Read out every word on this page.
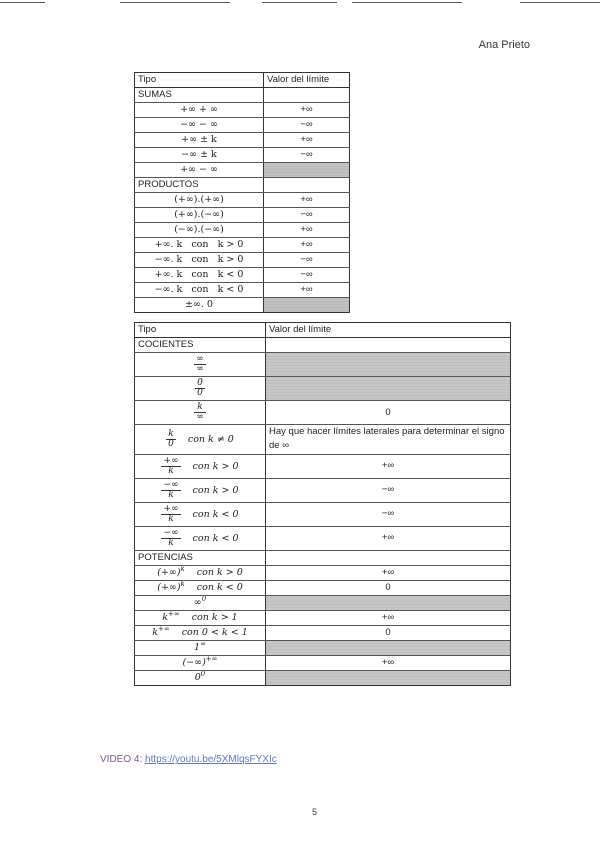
Ana Prieto
Tipo	Valor del límite
SUMAS	
+∞ + ∞	+∞
−∞ − ∞	−∞
+∞ ± k	+∞
−∞ ± k	−∞
+∞ − ∞	
PRODUCTOS	
(+∞).(+∞)	+∞
(+∞).(−∞)	−∞
(−∞).(−∞)	+∞
+∞. k   con   k > 0	+∞
−∞. k   con   k > 0	−∞
+∞. k   con   k < 0	−∞
−∞. k   con   k < 0	+∞
±∞. 0	
Tipo	Valor del límite
COCIENTES	

$\frac{\infty}{\infty}$

$\frac{0}{0}$

$\frac{k}{\infty}$	0

$\frac{k}{0}$ con k ≠ 0	Hay que hacer límites laterales para determinar el signo de ∞

$\frac{+\infty}{k}$ con k > 0	+∞

$\frac{-\infty}{k}$ con k > 0	−∞

$\frac{+\infty}{k}$ con k < 0	−∞

$\frac{-\infty}{k}$ con k < 0	+∞
POTENCIAS	
(+∞)$^k$ con k > 0	+∞
(+∞)$^k$ con k < 0	0
∞$^0$	
k+∞ con k > 1	+∞
k+∞ con 0 < k < 1	0
1∞	
(−∞)+∞	+∞
$0^0$	
VIDEO 4: https://youtu.be/5XMlqsFYXIc
5
